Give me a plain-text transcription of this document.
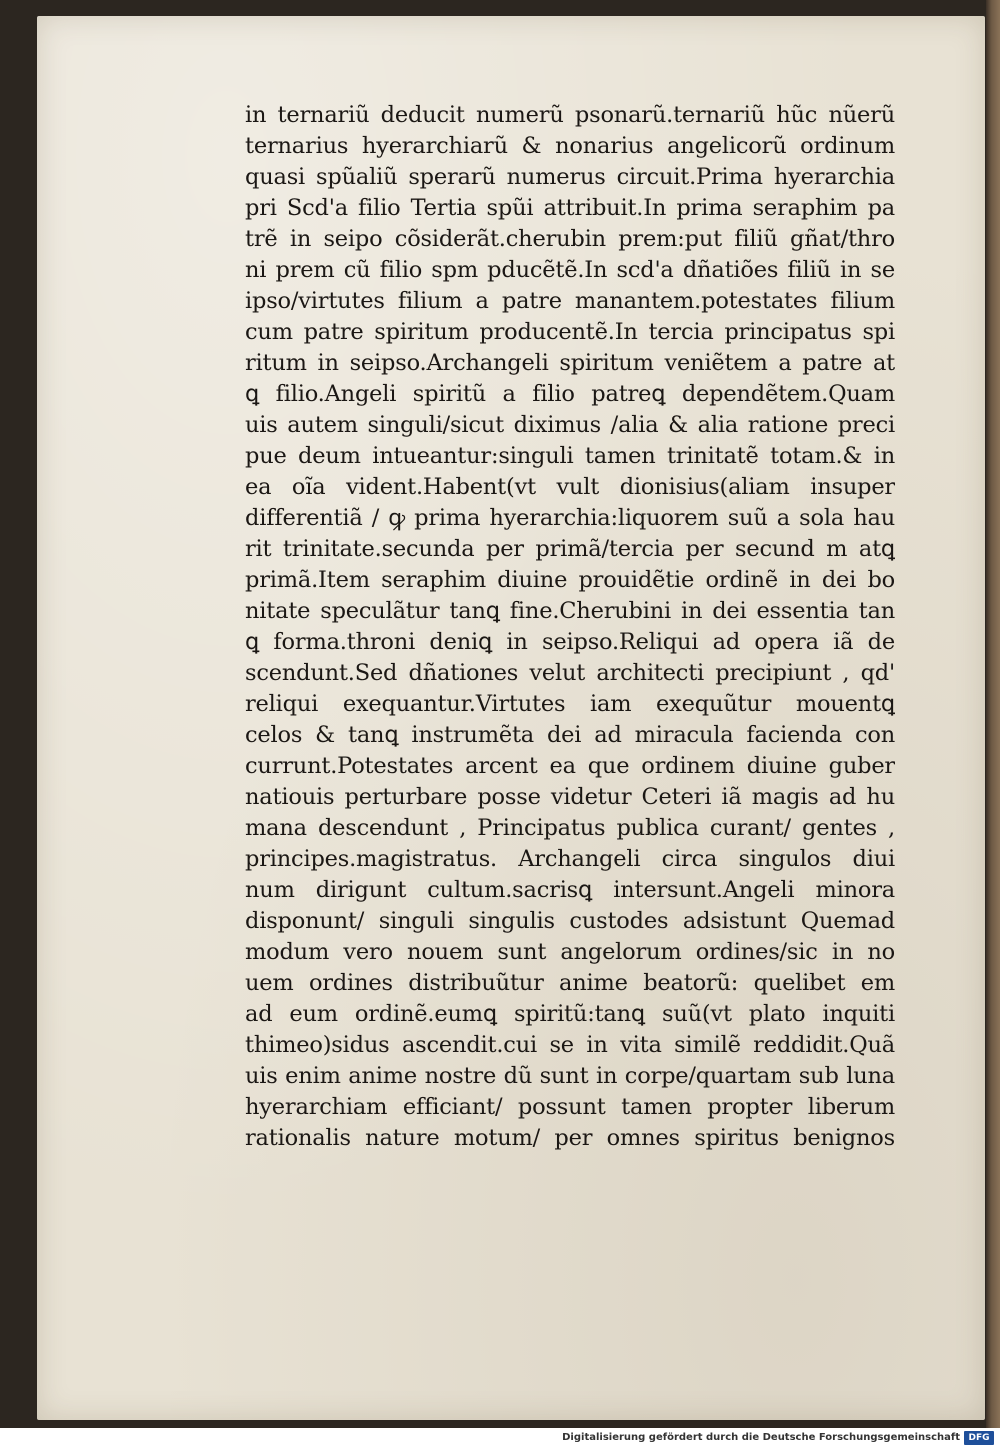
in ternariũ deducit numerũ psonarũ.ternariũ hũc nũerũ
ternarius hyerarchiarũ & nonarius angelicorũ ordinum
quasi spũaliũ sperarũ numerus circuit.Prima hyerarchia
pri Scd'a filio Tertia spũi attribuit.In prima seraphim pa
trẽ in seipo cõsiderãt.cherubin prem:put filiũ gñat/thro
ni prem cũ filio spm pducẽtẽ.In scd'a dñatiões filiũ in se
ipso/virtutes filium a patre manantem.potestates filium
cum patre spiritum producentẽ.In tercia principatus spi
ritum in seipso.Archangeli spiritum veniẽtem a patre at
ꝗ filio.Angeli spiritũ a filio patreꝗ dependẽtem.Quam
uis autem singuli/sicut diximus /alia & alia ratione preci
pue deum intueantur:singuli tamen trinitatẽ totam.& in
ea oĩa vident.Habent(vt vult dionisius(aliam insuper
differentiã / ꝙ prima hyerarchia:liquorem suũ a sola hau
rit trinitate.secunda per primã/tercia per secund m atꝗ
primã.Item seraphim diuine prouidẽtie ordinẽ in dei bo
nitate speculãtur tanꝗ fine.Cherubini in dei essentia tan
ꝗ forma.throni deniꝗ in seipso.Reliqui ad opera iã de
scendunt.Sed dñationes velut architecti precipiunt , qd'
reliqui exequantur.Virtutes iam exequũtur mouentꝗ
celos & tanꝗ instrumẽta dei ad miracula facienda con
currunt.Potestates arcent ea que ordinem diuine guber
natiouis perturbare posse videtur Ceteri iã magis ad hu
mana descendunt , Principatus publica curant/ gentes ,
principes.magistratus. Archangeli circa singulos diui
num dirigunt cultum.sacrisꝗ intersunt.Angeli minora
disponunt/ singuli singulis custodes adsistunt Quemad
modum vero nouem sunt angelorum ordines/sic in no
uem ordines distribuũtur anime beatorũ: quelibet em
ad eum ordinẽ.eumꝗ spiritũ:tanꝗ suũ(vt plato inquiti
thimeo)sidus ascendit.cui se in vita similẽ reddidit.Quã
uis enim anime nostre dũ sunt in corpe/quartam sub luna
hyerarchiam efficiant/ possunt tamen propter liberum
rationalis nature motum/ per omnes spiritus benignos
Digitalisierung gefördert durch die Deutsche Forschungsgemeinschaft DFG
